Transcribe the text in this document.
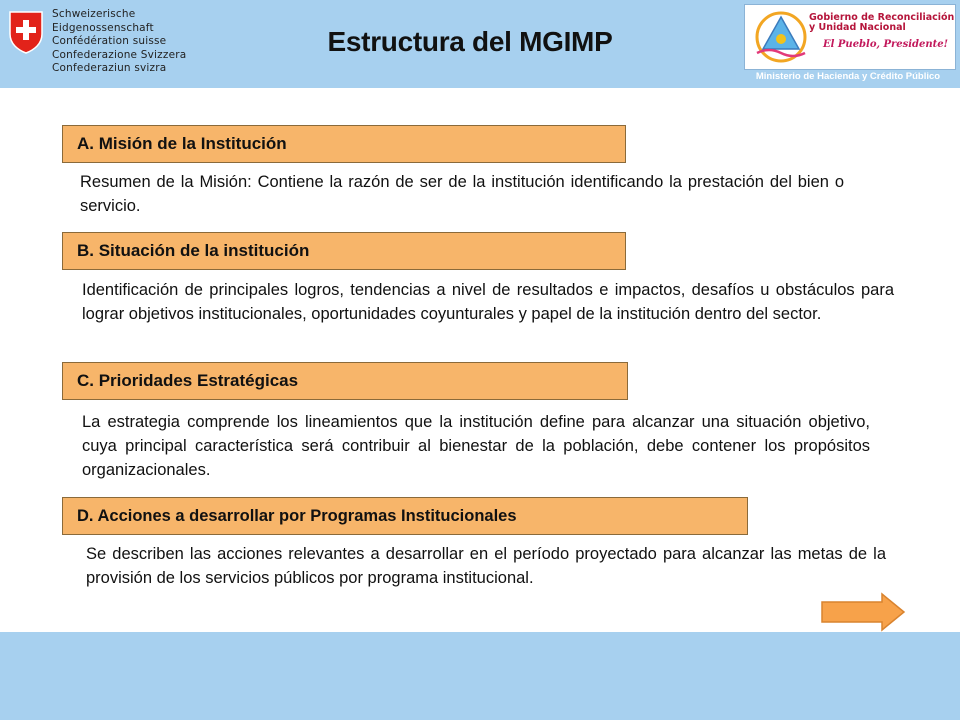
Schweizerische Eidgenossenschaft
Confédération suisse
Confederazione Svizzera
Confederaziun svizra
Estructura del MGIMP
Gobierno de Reconciliación
y Unidad Nacional
El Pueblo, Presidente!
Ministerio de Hacienda y Crédito Público
A. Misión de la Institución
Resumen de la Misión: Contiene la razón de ser de la institución identificando la prestación del bien o servicio.
B. Situación de la institución
Identificación de principales logros, tendencias a nivel de resultados e impactos, desafíos u obstáculos para lograr objetivos institucionales, oportunidades coyunturales y papel de la institución dentro del sector.
C. Prioridades Estratégicas
La estrategia comprende los lineamientos que la institución define para alcanzar una situación objetivo, cuya principal característica será contribuir al bienestar de la población, debe contener los propósitos organizacionales.
D. Acciones a desarrollar por Programas Institucionales
Se describen las acciones relevantes a desarrollar en el período proyectado para alcanzar las metas de la provisión de los servicios públicos por programa institucional.
